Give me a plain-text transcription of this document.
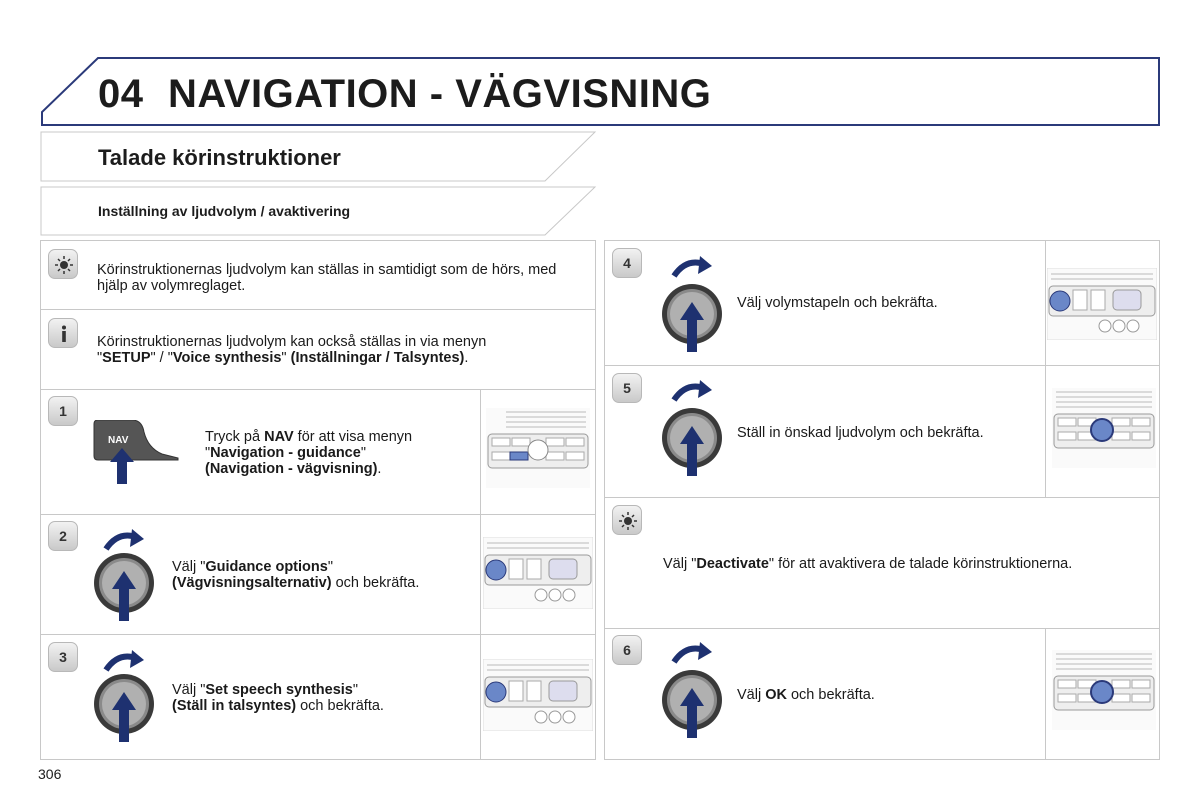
04 NAVIGATION - VÄGVISNING
Talade körinstruktioner
Inställning av ljudvolym / avaktivering
Körinstruktionernas ljudvolym kan ställas in samtidigt som de hörs, med hjälp av volymreglaget.
Körinstruktionernas ljudvolym kan också ställas in via menyn
"SETUP" / "Voice synthesis" (Inställningar / Talsyntes).
1
NAV	Tryck på NAV för att visa menyn
"Navigation - guidance"
(Navigation - vägvisning).
2
Välj "Guidance options"
(Vägvisningsalternativ) och bekräfta.
3
Välj "Set speech synthesis"
(Ställ in talsyntes) och bekräfta.
4
Välj volymstapeln och bekräfta.
5
Ställ in önskad ljudvolym och bekräfta.
Välj "Deactivate" för att avaktivera de talade körinstruktionerna.
6
Välj OK och bekräfta.
306
